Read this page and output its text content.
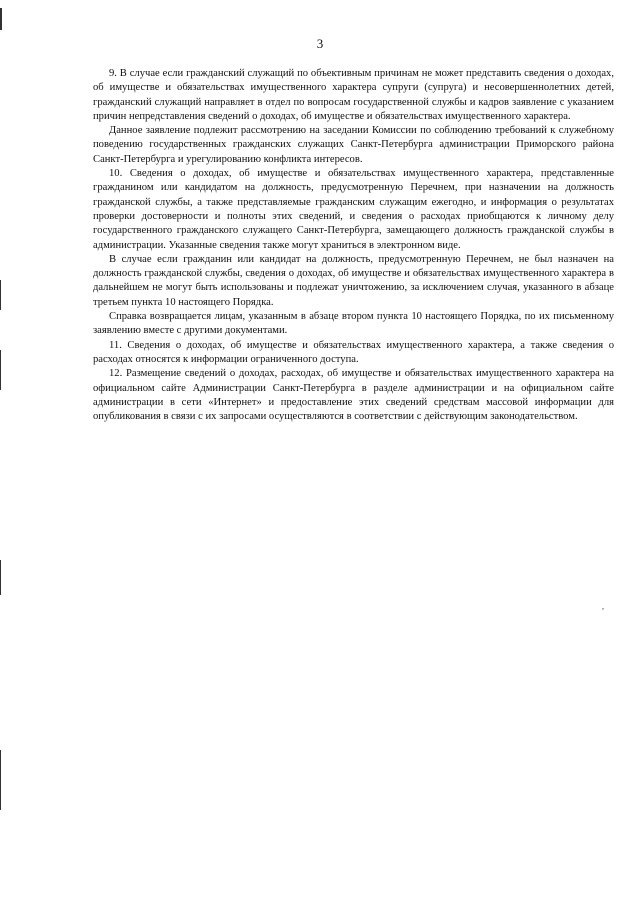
3

9. В случае если гражданский служащий по объективным причинам не может представить сведения о доходах, об имуществе и обязательствах имущественного характера супруги (супруга) и несовершеннолетних детей, гражданский служащий направляет в отдел по вопросам государственной службы и кадров заявление с указанием причин непредставления сведений о доходах, об имуществе и обязательствах имущественного характера.

Данное заявление подлежит рассмотрению на заседании Комиссии по соблюдению требований к служебному поведению государственных гражданских служащих Санкт-Петербурга администрации Приморского района Санкт-Петербурга и урегулированию конфликта интересов.

10. Сведения о доходах, об имуществе и обязательствах имущественного характера, представленные гражданином или кандидатом на должность, предусмотренную Перечнем, при назначении на должность гражданской службы, а также представляемые гражданским служащим ежегодно, и информация о результатах проверки достоверности и полноты этих сведений, и сведения о расходах приобщаются к личному делу государственного гражданского служащего Санкт-Петербурга, замещающего должность гражданской службы в администрации. Указанные сведения также могут храниться в электронном виде.

В случае если гражданин или кандидат на должность, предусмотренную Перечнем, не был назначен на должность гражданской службы, сведения о доходах, об имуществе и обязательствах имущественного характера в дальнейшем не могут быть использованы и подлежат уничтожению, за исключением случая, указанного в абзаце третьем пункта 10 настоящего Порядка.

Справка возвращается лицам, указанным в абзаце втором пункта 10 настоящего Порядка, по их письменному заявлению вместе с другими документами.

11. Сведения о доходах, об имуществе и обязательствах имущественного характера, а также сведения о расходах относятся к информации ограниченного доступа.

12. Размещение сведений о доходах, расходах, об имуществе и обязательствах имущественного характера на официальном сайте Администрации Санкт-Петербурга в разделе администрации и на официальном сайте администрации в сети «Интернет» и предоставление этих сведений средствам массовой информации для опубликования в связи с их запросами осуществляются в соответствии с действующим законодательством.

,
